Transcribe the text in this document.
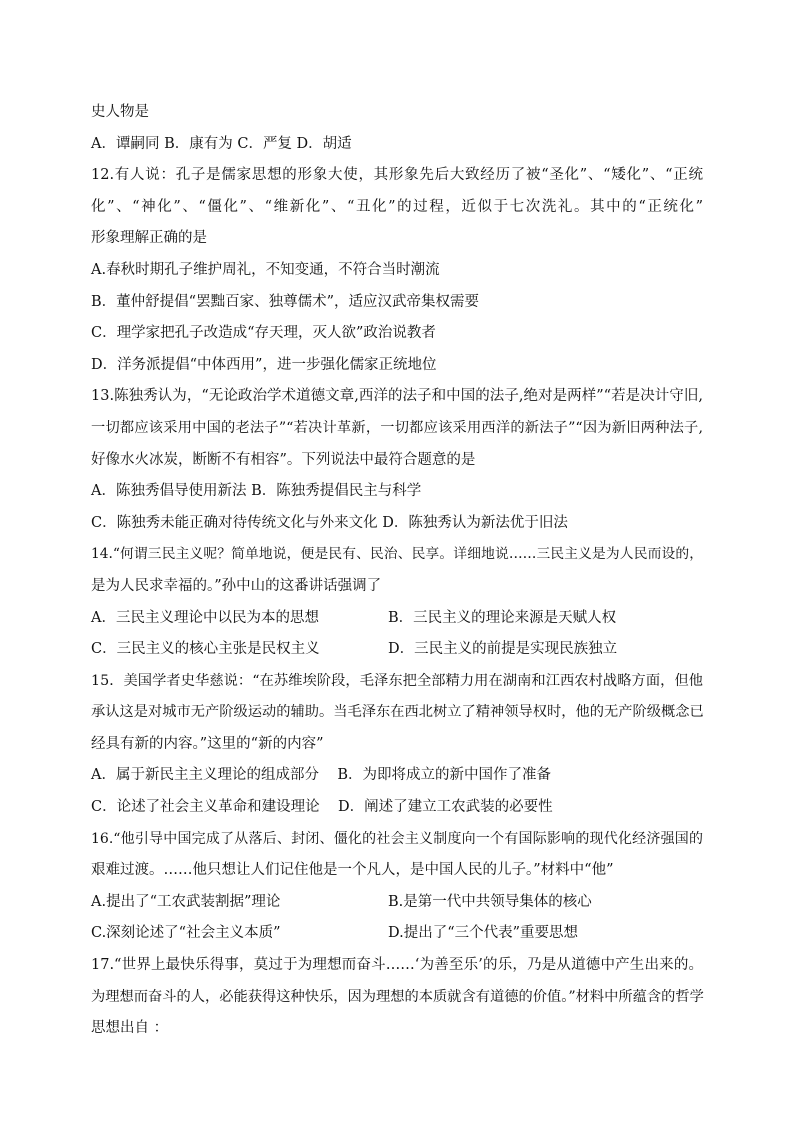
史人物是
A．谭嗣同 B．康有为 C．严复 D．胡适
12.有人说：孔子是儒家思想的形象大使，其形象先后大致经历了被“圣化”、“矮化”、“正统
化”、“神化”、“僵化”、“维新化”、“丑化”的过程，近似于七次洗礼。其中的“正统化”
形象理解正确的是
A.春秋时期孔子维护周礼，不知变通，不符合当时潮流
B．董仲舒提倡“罢黜百家、独尊儒术”，适应汉武帝集权需要
C．理学家把孔子改造成“存天理，灭人欲”政治说教者
D．洋务派提倡“中体西用”，进一步强化儒家正统地位
13.陈独秀认为，“无论政治学术道德文章,西洋的法子和中国的法子,绝对是两样”“若是决计守旧,
一切都应该采用中国的老法子”“若决计革新，一切都应该采用西洋的新法子”“因为新旧两种法子,
好像水火冰炭，断断不有相容”。下列说法中最符合题意的是
A．陈独秀倡导使用新法 B．陈独秀提倡民主与科学
C．陈独秀未能正确对待传统文化与外来文化 D．陈独秀认为新法优于旧法
14.“何谓三民主义呢？简单地说，便是民有、民治、民享。详细地说……三民主义是为人民而设的，
是为人民求幸福的。”孙中山的这番讲话强调了
A．三民主义理论中以民为本的思想	B．三民主义的理论来源是天赋人权
C．三民主义的核心主张是民权主义	D．三民主义的前提是实现民族独立
15．美国学者史华慈说：“在苏维埃阶段，毛泽东把全部精力用在湖南和江西农村战略方面，但他
承认这是对城市无产阶级运动的辅助。当毛泽东在西北树立了精神领导权时，他的无产阶级概念已
经具有新的内容。”这里的“新的内容”
A．属于新民主主义理论的组成部分    B．为即将成立的新中国作了准备
C．论述了社会主义革命和建设理论    D．阐述了建立工农武装的必要性
16.“他引导中国完成了从落后、封闭、僵化的社会主义制度向一个有国际影响的现代化经济强国的
艰难过渡。……他只想让人们记住他是一个凡人，是中国人民的儿子。”材料中“他”
A.提出了“工农武装割据”理论	B.是第一代中共领导集体的核心
C.深刻论述了“社会主义本质”	D.提出了“三个代表”重要思想
17.“世界上最快乐得事，莫过于为理想而奋斗……‘为善至乐’的乐，乃是从道德中产生出来的。
为理想而奋斗的人，必能获得这种快乐，因为理想的本质就含有道德的价值。”材料中所蕴含的哲学
思想出自 ：
